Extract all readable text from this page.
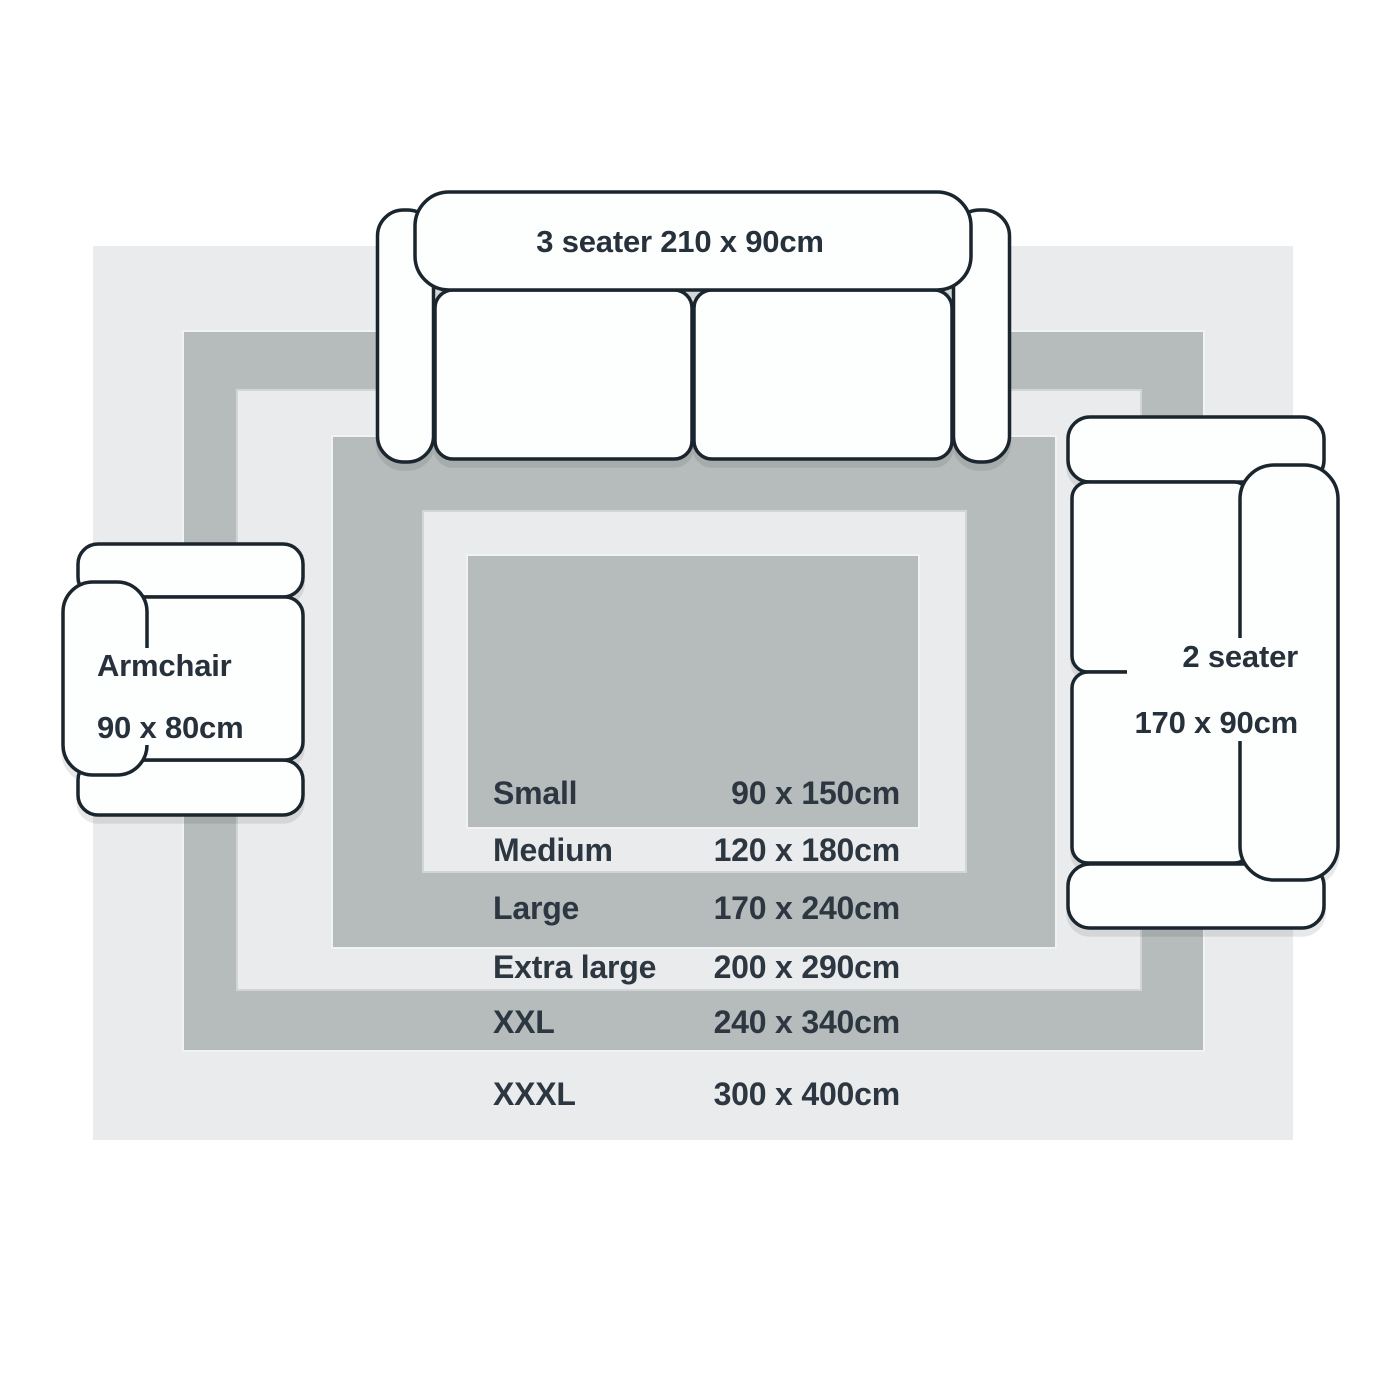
Small	90 x 150cm
Medium	120 x 180cm
Large	170 x 240cm
Extra large 200 x 290cm
XXL	240 x 340cm
XXXL	300 x 400cm
3 seater 210 x 90cm
2 seater

170 x 90cm

Armchair

90 x 80cm
